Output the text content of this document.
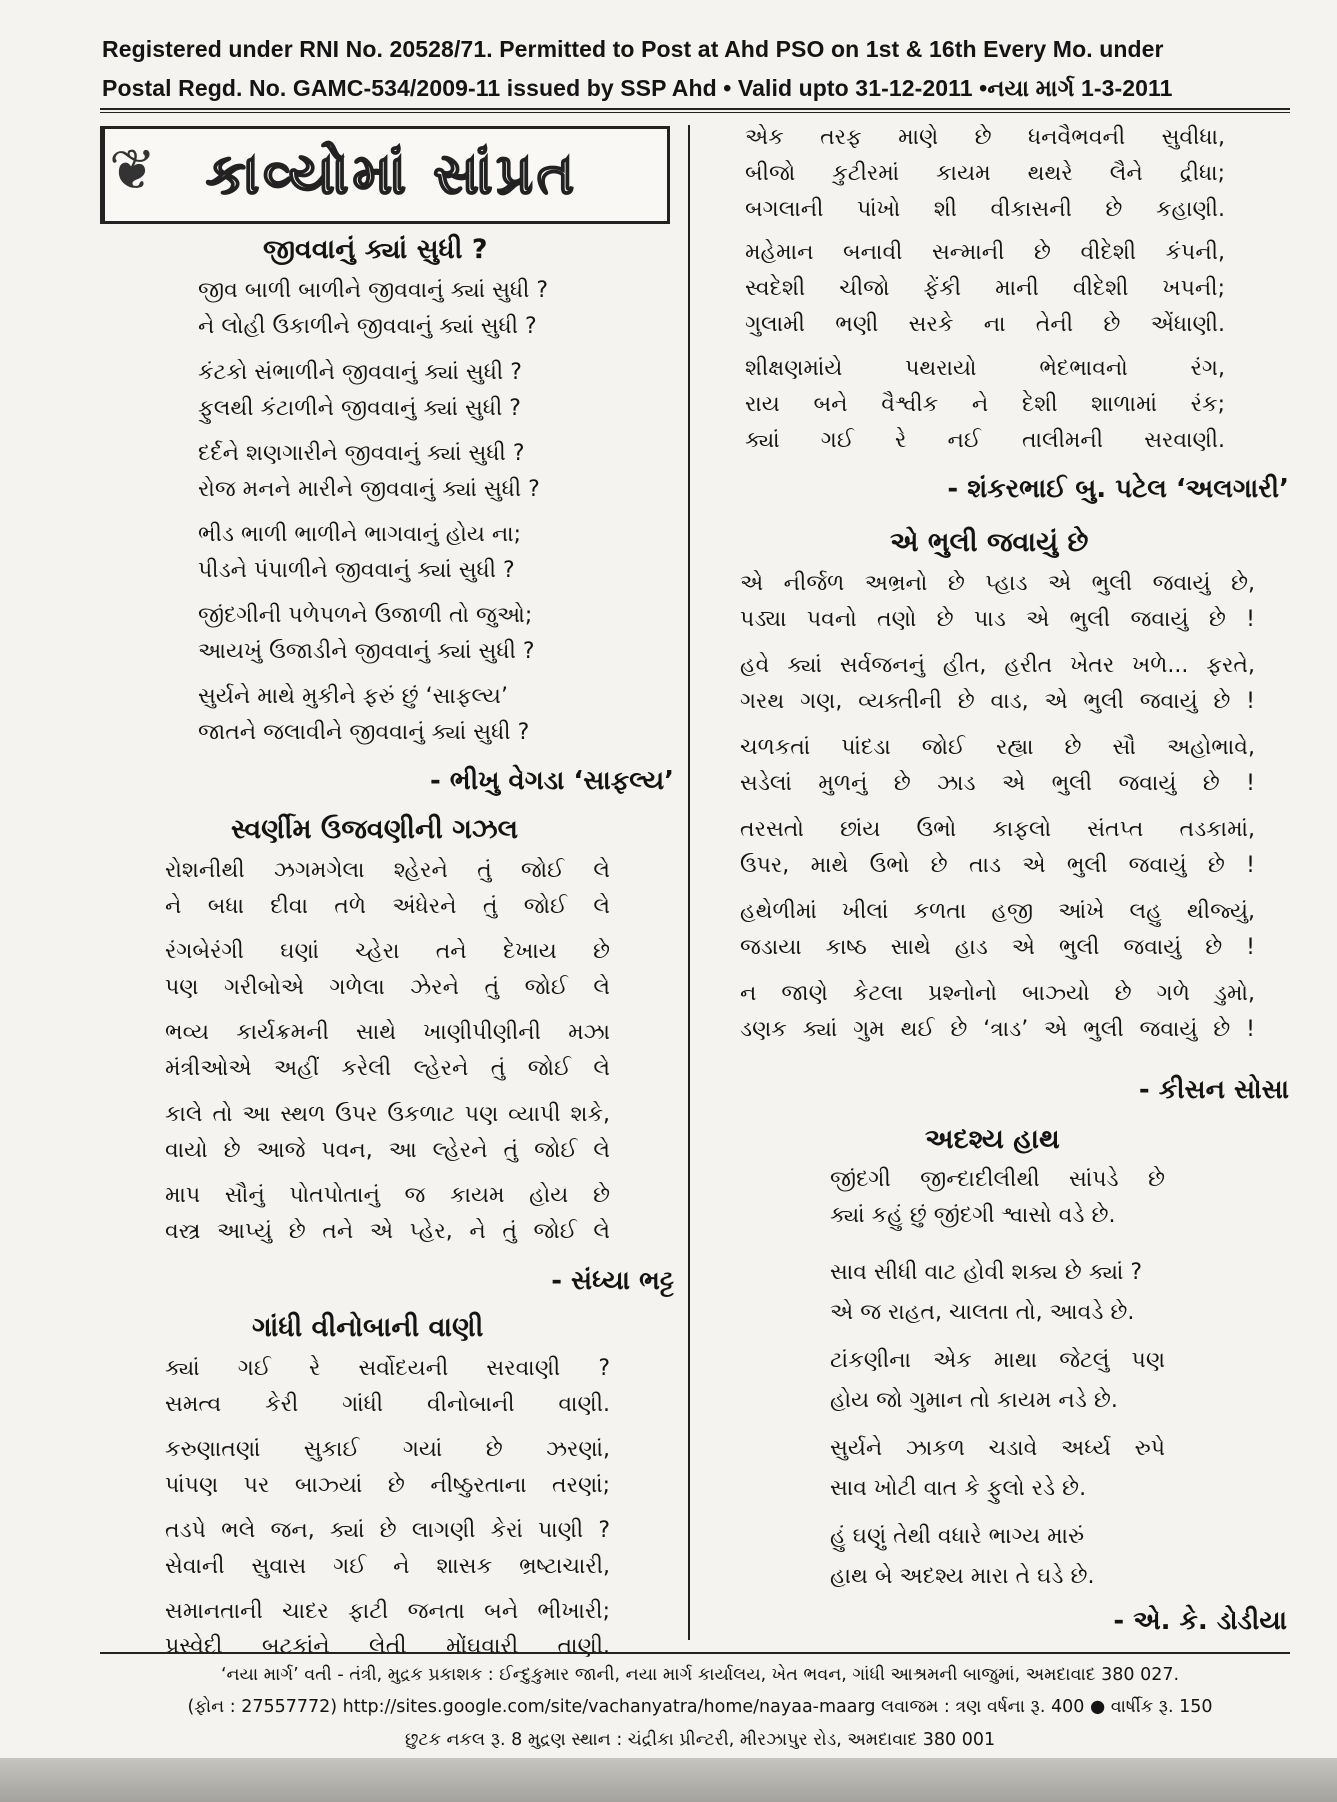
Registered under RNI No. 20528/71. Permitted to Post at Ahd PSO on 1st & 16th Every Mo. under
Postal Regd. No. GAMC-534/2009-11 issued by SSP Ahd • Valid upto 31-12-2011 •નયા માર્ગ 1-3-2011
❦ કાવ્યોમાં સાંપ્રત
જીવવાનું ક્યાં સુધી ?
જીવ બાળી બાળીને જીવવાનું ક્યાં સુધી ?
ને લોહી ઉકાળીને જીવવાનું ક્યાં સુધી ?
કંટકો સંભાળીને જીવવાનું ક્યાં સુધી ?
ફુલથી કંટાળીને જીવવાનું ક્યાં સુધી ?
દર્દને શણગારીને જીવવાનું ક્યાં સુધી ?
રોજ મનને મારીને જીવવાનું ક્યાં સુધી ?
ભીડ ભાળી ભાળીને ભાગવાનું હોય ના;
પીડને પંપાળીને જીવવાનું ક્યાં સુધી ?
જીંદગીની પળેપળને ઉજાળી તો જુઓ;
આયખું ઉજાડીને જીવવાનું ક્યાં સુધી ?
સુર્યને માથે મુકીને ફરું છું ‘સાફલ્ય’
જાતને જલાવીને જીવવાનું ક્યાં સુધી ?
- ભીખુ વેગડા ‘સાફલ્ય’
સ્વર્ણીમ ઉજવણીની ગઝલ
રોશનીથી ઝગમગેલા શ્હેરને તું જોઈ લે
ને બધા દીવા તળે અંધેરને તું જોઈ લે
રંગબેરંગી ઘણાં ચ્હેરા તને દેખાય છે
પણ ગરીબોએ ગળેલા ઝેરને તું જોઈ લે
ભવ્ય કાર્યક્રમની સાથે ખાણીપીણીની મઝા
મંત્રીઓએ અહીં કરેલી લ્હેરને તું જોઈ લે
કાલે તો આ સ્થળ ઉપર ઉકળાટ પણ વ્યાપી શકે,
વાયો છે આજે પવન, આ લ્હેરને તું જોઈ લે
માપ સૌનું પોતપોતાનું જ કાયમ હોય છે
વસ્ત્ર આપ્યું છે તને એ પ્હેર, ને તું જોઈ લે
- સંધ્યા ભટ્ટ
ગાંધી વીનોબાની વાણી
ક્યાં ગઈ રે સર્વોદયની સરવાણી ?
સમત્વ કેરી ગાંધી વીનોબાની વાણી.
કરુણાતણાં સુકાઈ ગયાં છે ઝરણાં,
પાંપણ પર બાઝ્યાં છે નીષ્ઠુરતાના તરણાં;
તડપે ભલે જન, ક્યાં છે લાગણી કેરાં પાણી ?
સેવાની સુવાસ ગઈ ને શાસક ભ્રષ્ટાચારી,
સમાનતાની ચાદર ફાટી જનતા બને ભીખારી;
પ્રસ્વેદી બટકાંને લેતી મોંઘવારી તાણી.
એક તરફ માણે છે ધનવૈભવની સુવીધા,
બીજો કુટીરમાં કાયમ થથરે લૈને દ્રીધા;
બગલાની પાંખો શી વીકાસની છે કહાણી.
મહેમાન બનાવી સન્માની છે વીદેશી કંપની,
સ્વદેશી ચીજો ફેંકી માની વીદેશી ખપની;
ગુલામી ભણી સરકે ના તેની છે એંધાણી.
શીક્ષણમાંયે પથરાયો ભેદભાવનો રંગ,
રાય બને વૈશ્વીક ને દેશી શાળામાં રંક;
ક્યાં ગઈ રે નઈ તાલીમની સરવાણી.
- શંકરભાઈ બુ. પટેલ ‘અલગારી’
એ ભુલી જવાયું છે
એ નીર્જળ અભ્રનો છે પ્હાડ એ ભુલી જવાયું છે,
પડ્યા પવનો તણો છે પાડ એ ભુલી જવાયું છે !
હવે ક્યાં સર્વજનનું હીત, હરીત ખેતર ખળે... ફરતે,
ગરથ ગણ, વ્યક્તીની છે વાડ, એ ભુલી જવાયું છે !
ચળકતાં પાંદડા જોઈ રહ્યા છે સૌ અહોભાવે,
સડેલાં મુળનું છે ઝાડ એ ભુલી જવાયું છે !
તરસતો છાંય ઉભો કાફલો સંતપ્ત તડકામાં,
ઉપર, માથે ઉભો છે તાડ એ ભુલી જવાયું છે !
હથેળીમાં ખીલાં કળતા હજી આંખે લહુ થીજ્યું,
જડાયા કાષ્ઠ સાથે હાડ એ ભુલી જવાયું છે !
ન જાણે કેટલા પ્રશ્નોનો બાઝ્યો છે ગળે ડુમો,
ડણક ક્યાં ગુમ થઈ છે ‘ત્રાડ’ એ ભુલી જવાયું છે !
- કીસન સોસા
અદશ્ય હાથ
જીંદગી જીન્દાદીલીથી સાંપડે છે
ક્યાં કહું છું જીંદગી શ્વાસો વડે છે.
સાવ સીધી વાટ હોવી શક્ય છે ક્યાં ?
એ જ રાહત, ચાલતા તો, આવડે છે.
ટાંકણીના એક માથા જેટલું પણ
હોય જો ગુમાન તો કાયમ નડે છે.
સુર્યને ઝાકળ ચડાવે અર્ધ્ય રુપે
સાવ ખોટી વાત કે ફુલો રડે છે.
હું ઘણું તેથી વધારે ભાગ્ય મારું
હાથ બે અદશ્ય મારા તે ઘડે છે.
- એ. કે. ડોડીયા
‘નયા માર્ગ’ વતી - તંત્રી, મુદ્રક પ્રકાશક : ઈન્દુકુમાર જાની, નયા માર્ગ કાર્યાલય, ખેત ભવન, ગાંધી આશ્રમની બાજુમાં, અમદાવાદ 380 027.
(ફોન : 27557772) http://sites.google.com/site/vachanyatra/home/nayaa-maarg લવાજમ : ત્રણ વર્ષના રૂ. 400 ● વાર્ષીક રૂ. 150
છુટક નકલ રૂ. 8 મુદ્રણ સ્થાન : ચંદ્રીકા પ્રીન્ટરી, મીરઝાપુર રોડ, અમદાવાદ 380 001
